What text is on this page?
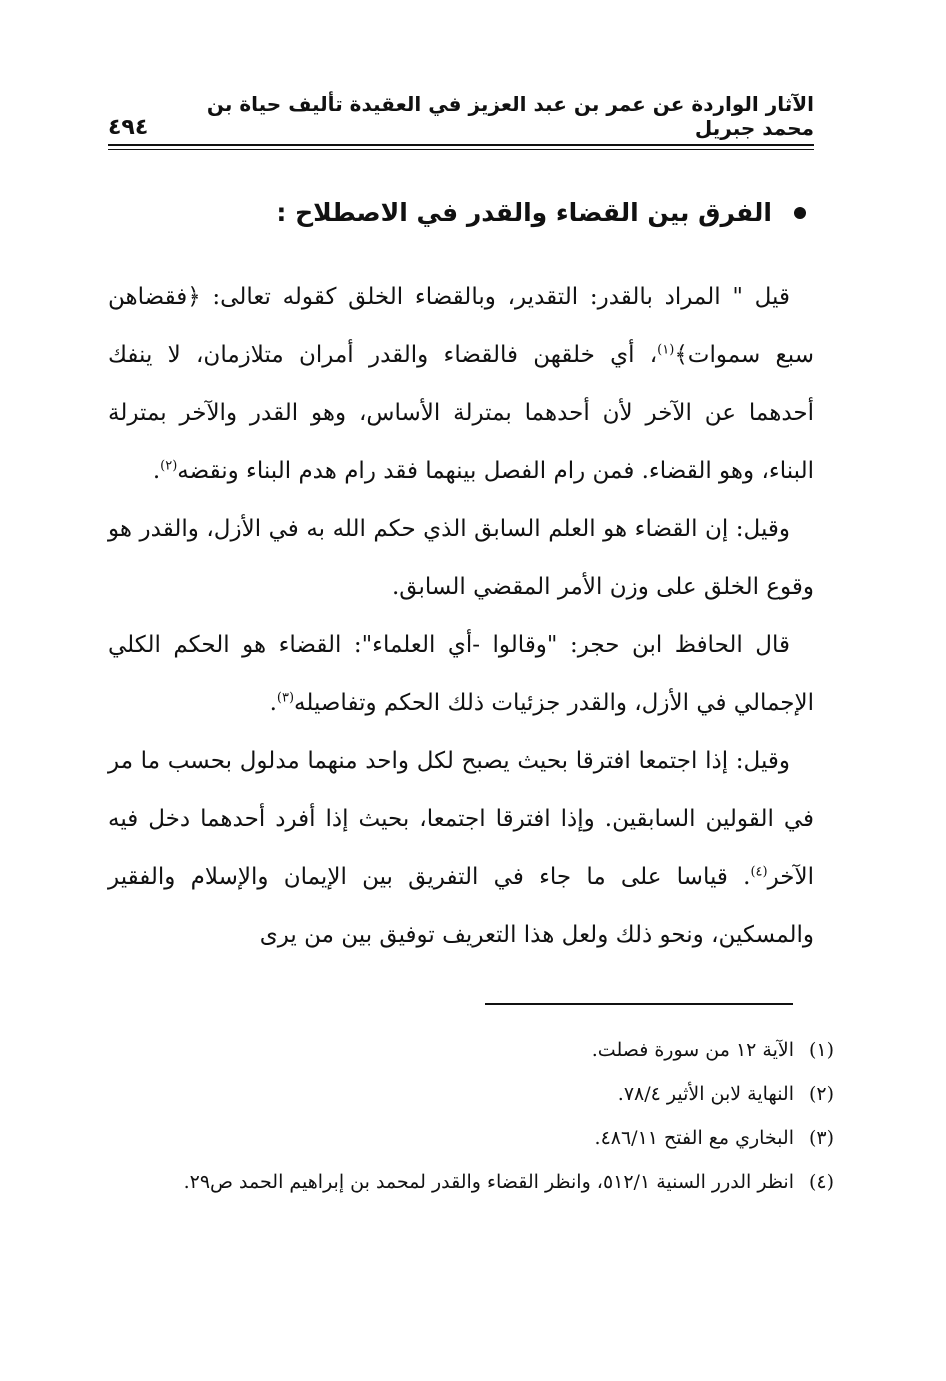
الآثار الواردة عن عمر بن عبد العزيز في العقيدة تأليف حياة بن محمد جبريل
٤٩٤
الفرق بين القضاء والقدر في الاصطلاح :

قيل " المراد بالقدر: التقدير، وبالقضاء الخلق كقوله تعالى: ﴿فقضاهن سبع سموات﴾$^{(١)}$، أي خلقهن فالقضاء والقدر أمران متلازمان، لا ينفك أحدهما عن الآخر لأن أحدهما بمترلة الأساس، وهو القدر والآخر بمترلة البناء، وهو القضاء. فمن رام الفصل بينهما فقد رام هدم البناء ونقضه$^{(٢)}$.

وقيل: إن القضاء هو العلم السابق الذي حكم الله به في الأزل، والقدر هو وقوع الخلق على وزن الأمر المقضي السابق.

قال الحافظ ابن حجر: "وقالوا -أي العلماء": القضاء هو الحكم الكلي الإجمالي في الأزل، والقدر جزئيات ذلك الحكم وتفاصيله$^{(٣)}$.

وقيل: إذا اجتمعا افترقا بحيث يصبح لكل واحد منهما مدلول بحسب ما مر في القولين السابقين. وإذا افترقا اجتمعا، بحيث إذا أفرد أحدهما دخل فيه الآخر$^{(٤)}$. قياسا على ما جاء في التفريق بين الإيمان والإسلام والفقير والمسكين، ونحو ذلك ولعل هذا التعريف توفيق بين من يرى

(١)
الآية ١٢ من سورة فصلت.
(٢)
النهاية لابن الأثير ٧٨/٤.
(٣)
البخاري مع الفتح ٤٨٦/١١.
(٤)
انظر الدرر السنية ٥١٢/١، وانظر القضاء والقدر لمحمد بن إبراهيم الحمد ص٢٩.
